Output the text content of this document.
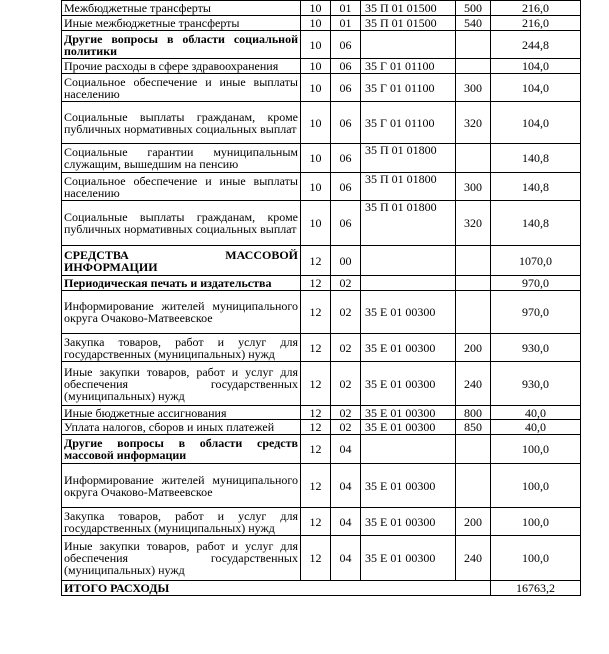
Межбюджетные трансферты	10	01	35 П 01 01500	500	216,0
Иные межбюджетные трансферты	10	01	35 П 01 01500	540	216,0
Другие вопросы в области социальной политики	10	06			244,8
Прочие расходы в сфере здравоохранения	10	06	35 Г 01 01100		104,0
Социальное обеспечение и иные выплаты населению	10	06	35 Г 01 01100	300	104,0
Социальные выплаты гражданам, кроме публичных нормативных социальных выплат	10	06	35 Г 01 01100	320	104,0
Социальные гарантии муниципальным служащим, вышедшим на пенсию	10	06	35 П 01 01800		140,8
Социальное обеспечение и иные выплаты населению	10	06	35 П 01 01800	300	140,8
Социальные выплаты гражданам, кроме публичных нормативных социальных выплат	10	06	35 П 01 01800	320	140,8
СРЕДСТВА МАССОВОЙ ИНФОРМАЦИИ	12	00			1070,0
Периодическая печать и издательства	12	02			970,0
Информирование жителей муниципального округа Очаково-Матвеевское	12	02	35 Е 01 00300		970,0
Закупка товаров, работ и услуг для государственных (муниципальных) нужд	12	02	35 Е 01 00300	200	930,0
Иные закупки товаров, работ и услуг для обеспечения государственных (муниципальных) нужд	12	02	35 Е 01 00300	240	930,0
Иные бюджетные ассигнования	12	02	35 Е 01 00300	800	40,0
Уплата налогов, сборов и иных платежей	12	02	35 Е 01 00300	850	40,0
Другие вопросы в области средств массовой информации	12	04			100,0
Информирование жителей муниципального округа Очаково-Матвеевское	12	04	35 Е 01 00300		100,0
Закупка товаров, работ и услуг для государственных (муниципальных) нужд	12	04	35 Е 01 00300	200	100,0
Иные закупки товаров, работ и услуг для обеспечения государственных (муниципальных) нужд	12	04	35 Е 01 00300	240	100,0
ИТОГО РАСХОДЫ					16763,2
